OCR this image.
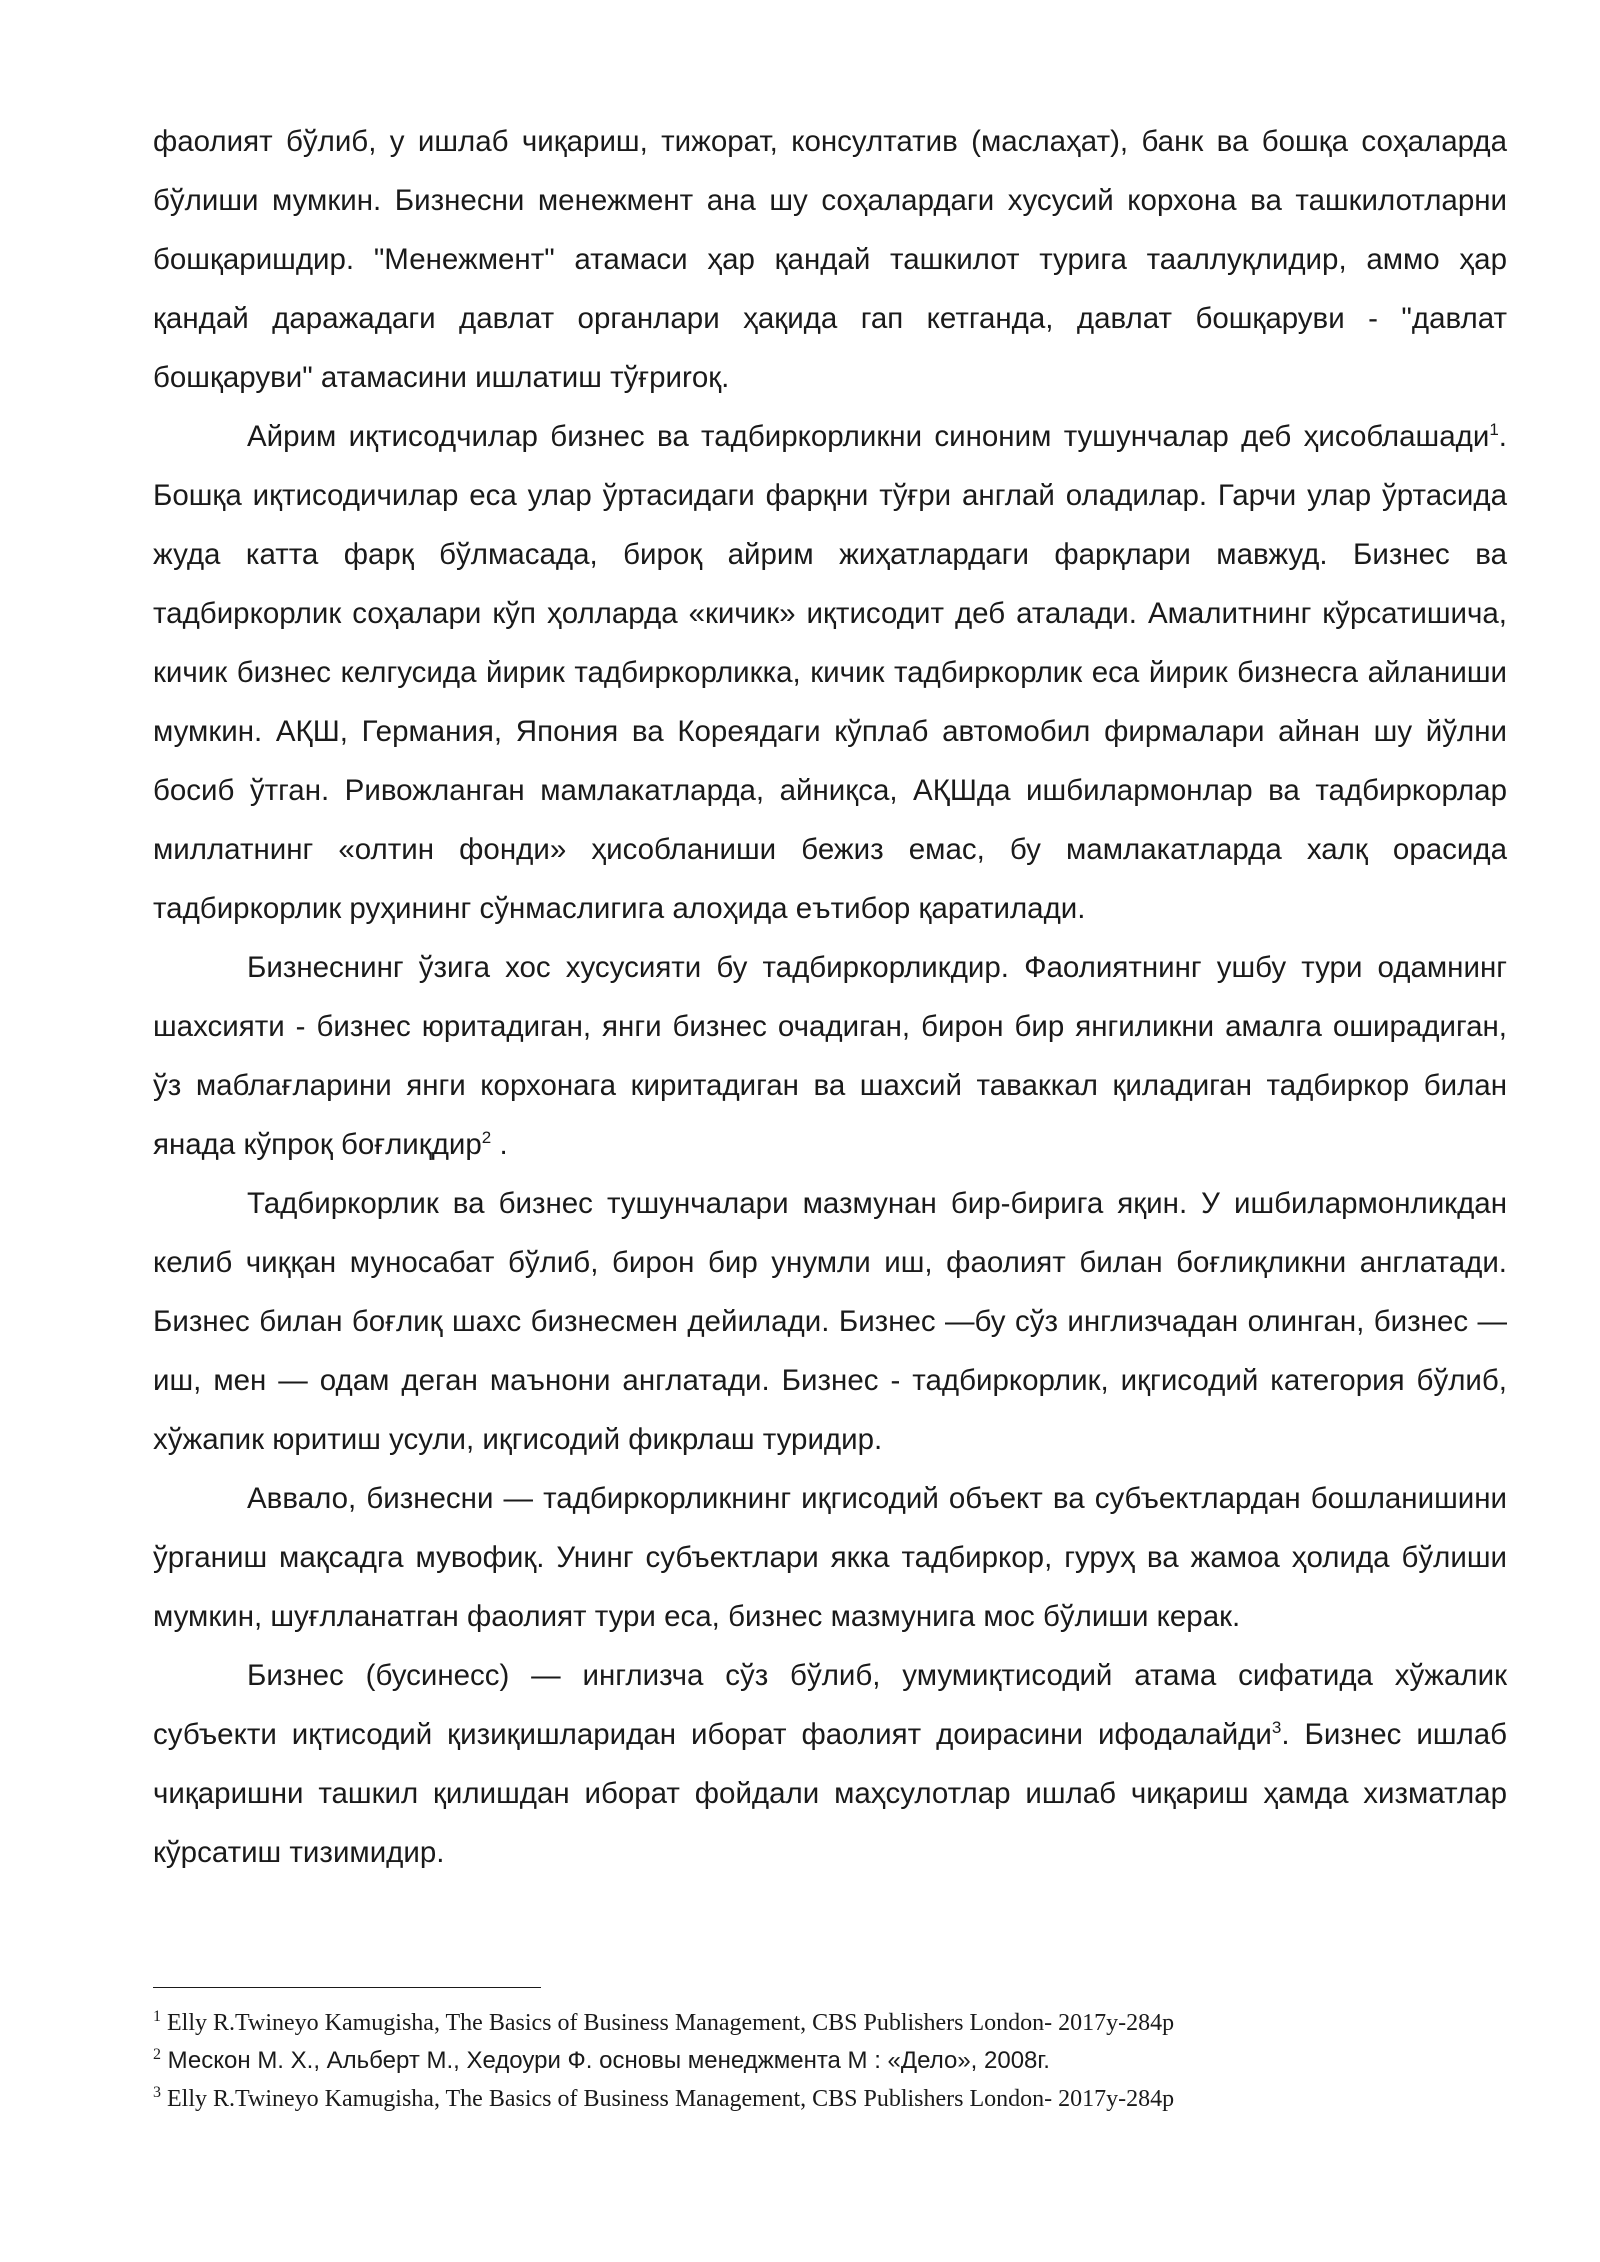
фаолият бўлиб, у ишлаб чиқариш, тижорат, консултатив (маслаҳат), банк ва бошқа соҳаларда бўлиши мумкин. Бизнесни менежмент ана шу соҳалардаги хусусий корхона ва ташкилотларни бошқаришдир. "Менежмент" атамаси ҳар қандай ташкилот турига тааллуқлидир, аммо ҳар қандай даражадаги давлат органлари ҳақида гап кетганда, давлат бошқаруви - "давлат бошқаруви" атамасини ишлатиш тўғриroқ.

Айрим иқтисодчилар бизнес ва тадбиркорликни синоним тушунчалар деб ҳисоблашади$^1$. Бошқа иқтисодичилар еса улар ўртасидаги фарқни тўғри англай оладилар. Гарчи улар ўртасида жуда катта фарқ бўлмасада, бироқ айрим жиҳатлардаги фарқлари мавжуд. Бизнес ва тадбиркорлик соҳалари кўп ҳолларда «кичик» иқтисодит деб аталади. Амалитнинг кўрсатишича, кичик бизнес келгусида йирик тадбиркорликка, кичик тадбиркорлик еса йирик бизнесга айланиши мумкин. АҚШ, Германия, Япония ва Кореядаги кўплаб автомобил фирмалари айнан шу йўлни босиб ўтган. Ривожланган мамлакатларда, айниқса, АҚШда ишбилармонлар ва тадбиркорлар миллатнинг «олтин фонди» ҳисобланиши бежиз емас, бу мамлакатларда халқ орасида тадбиркорлик руҳининг сўнмаслигига алоҳида еътибор қаратилади.

Бизнеснинг ўзига хос хусусияти бу тадбиркорликдир. Фаолиятнинг ушбу тури одамнинг шахсияти - бизнес юритадиган, янги бизнес очадиган, бирон бир янгиликни амалга оширадиган, ўз маблағларини янги корхонага киритадиган ва шахсий таваккал қиладиган тадбиркор билан янада кўпроқ боғлиқдир$^2$ .

Тадбиркорлик ва бизнес тушунчалари мазмунан бир-бирига яқин. У ишбилармонликдан келиб чиққан муносабат бўлиб, бирон бир унумли иш, фаолият билан боғлиқликни англатади. Бизнес билан боғлиқ шахс бизнесмен дейилади. Бизнес —бу сўз инглизчадан олинган, бизнес — иш, мен — одам деган маънони англатади. Бизнес - тадбиркорлик, иқгисодий категория бўлиб, хўжапик юритиш усули, иқгисодий фикрлаш туридир.

Аввало, бизнесни — тадбиркорликнинг иқгисодий объект ва субъектлардан бошланишини ўрганиш мақсадга мувофиқ. Унинг субъектлари якка тадбиркор, гуруҳ ва жамоа ҳолида бўлиши мумкин, шуғлланатган фаолият тури еса, бизнес мазмунига мос бўлиши керак.

Бизнес (бусинесс) — инглизча сўз бўлиб, умумиқтисодий атама сифатида хўжалик субъекти иқтисодий қизиқишларидан иборат фаолият доирасини ифодалайди$^3$. Бизнес ишлаб чиқаришни ташкил қилишдан иборат фойдали маҳсулотлар ишлаб чиқариш ҳамда хизматлар кўрсатиш тизимидир.

$^1$ Elly R.Twineyo Kamugisha, The Basics of Business Management, CBS Publishers London- 2017y-284p
$^2$ Мескон М. Х., Альберт М., Хедоури Ф. основы менеджмента М : «Дело», 2008г.
$^3$ Elly R.Twineyo Kamugisha, The Basics of Business Management, CBS Publishers London- 2017y-284p
